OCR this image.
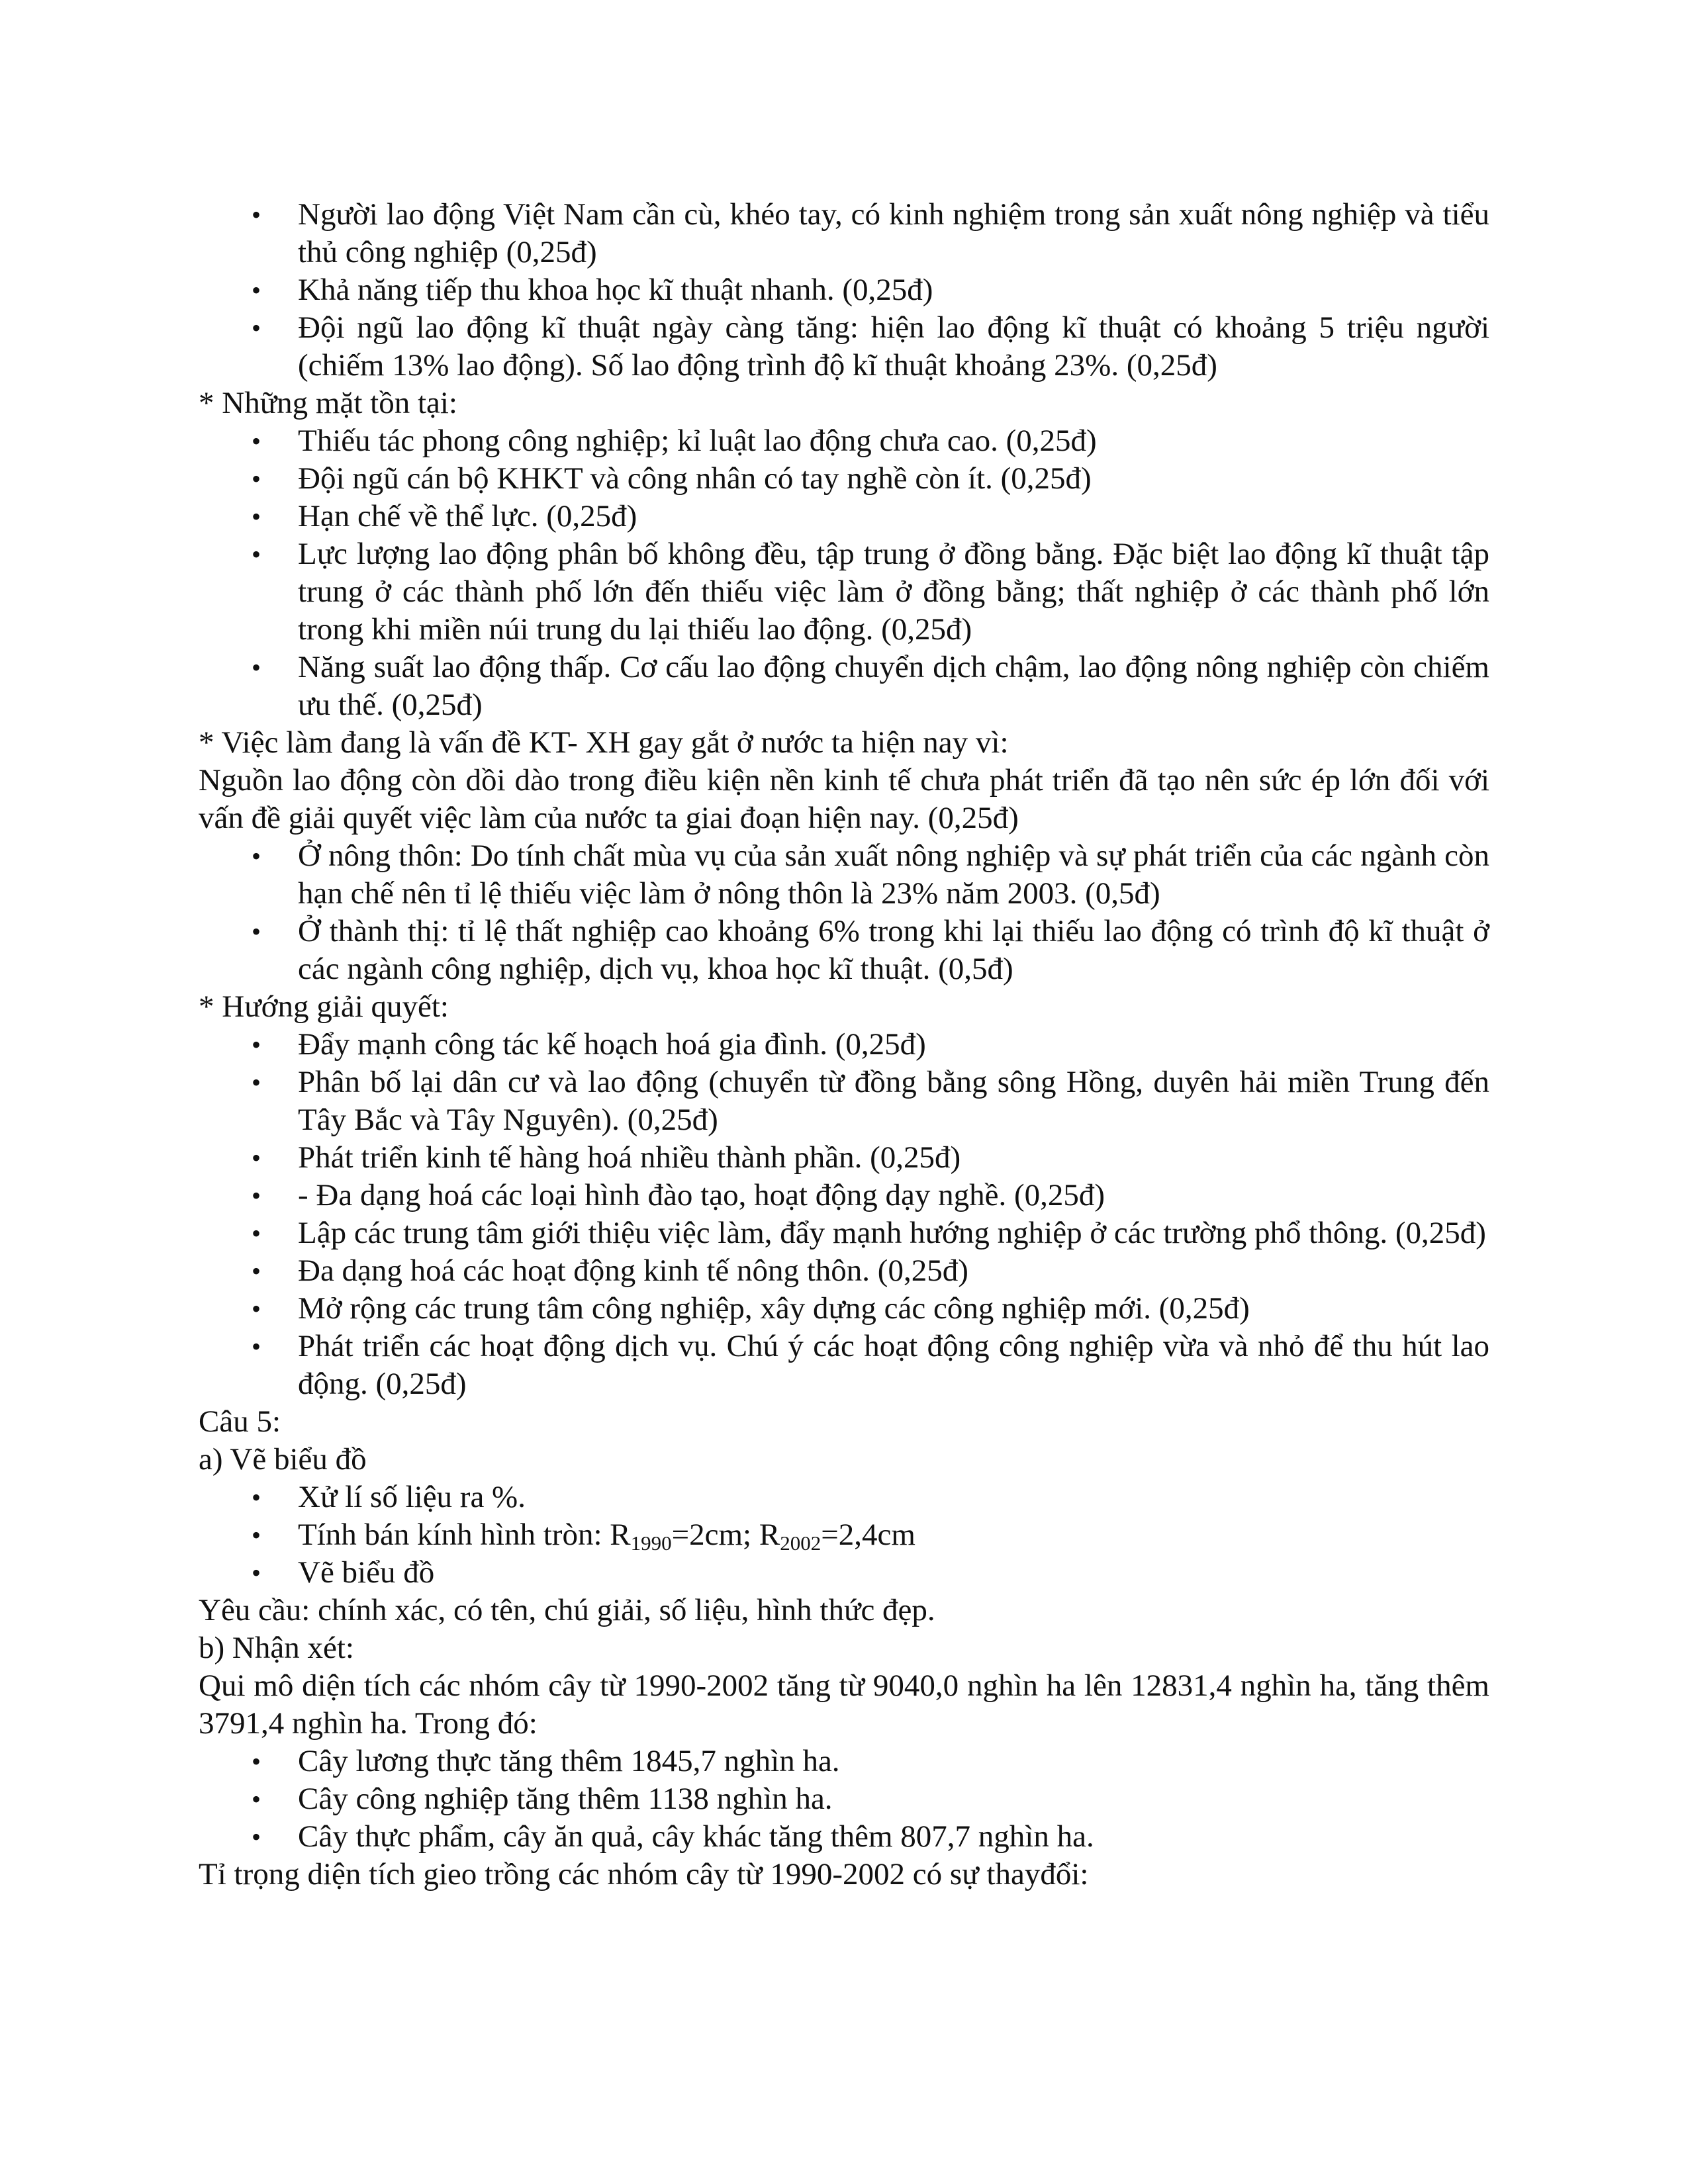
• Người lao động Việt Nam cần cù, khéo tay, có kinh nghiệm trong sản xuất nông nghiệp và tiểu thủ công nghiệp (0,25đ)
• Khả năng tiếp thu khoa học kĩ thuật nhanh. (0,25đ)
• Đội ngũ lao động kĩ thuật ngày càng tăng: hiện lao động kĩ thuật có khoảng 5 triệu người (chiếm 13% lao động). Số lao động trình độ kĩ thuật khoảng 23%. (0,25đ)
* Những mặt tồn tại:
• Thiếu tác phong công nghiệp; kỉ luật lao động chưa cao. (0,25đ)
• Đội ngũ cán bộ KHKT và công nhân có tay nghề còn ít. (0,25đ)
• Hạn chế về thể lực. (0,25đ)
• Lực lượng lao động phân bố không đều, tập trung ở đồng bằng. Đặc biệt lao động kĩ thuật tập trung ở các thành phố lớn đến thiếu việc làm ở đồng bằng; thất nghiệp ở các thành phố lớn trong khi miền núi trung du lại thiếu lao động. (0,25đ)
• Năng suất lao động thấp. Cơ cấu lao động chuyển dịch chậm, lao động nông nghiệp còn chiếm ưu thế. (0,25đ)
* Việc làm đang là vấn đề KT- XH gay gắt ở nước ta hiện nay vì:
Nguồn lao động còn dồi dào trong điều kiện nền kinh tế chưa phát triển đã tạo nên sức ép lớn đối với vấn đề giải quyết việc làm của nước ta giai đoạn hiện nay. (0,25đ)
• Ở nông thôn: Do tính chất mùa vụ của sản xuất nông nghiệp và sự phát triển của các ngành còn hạn chế nên tỉ lệ thiếu việc làm ở nông thôn là 23% năm 2003. (0,5đ)
• Ở thành thị: tỉ lệ thất nghiệp cao khoảng 6% trong khi lại thiếu lao động có trình độ kĩ thuật ở các ngành công nghiệp, dịch vụ, khoa học kĩ thuật. (0,5đ)
* Hướng giải quyết:
• Đẩy mạnh công tác kế hoạch hoá gia đình. (0,25đ)
• Phân bố lại dân cư và lao động (chuyển từ đồng bằng sông Hồng, duyên hải miền Trung đến Tây Bắc và Tây Nguyên). (0,25đ)
• Phát triển kinh tế hàng hoá nhiều thành phần. (0,25đ)
• - Đa dạng hoá các loại hình đào tạo, hoạt động dạy nghề. (0,25đ)
• Lập các trung tâm giới thiệu việc làm, đẩy mạnh hướng nghiệp ở các trường phổ thông. (0,25đ)
• Đa dạng hoá các hoạt động kinh tế nông thôn. (0,25đ)
• Mở rộng các trung tâm công nghiệp, xây dựng các công nghiệp mới. (0,25đ)
• Phát triển các hoạt động dịch vụ. Chú ý các hoạt động công nghiệp vừa và nhỏ để thu hút lao động. (0,25đ)
Câu 5:
a) Vẽ biểu đồ
• Xử lí số liệu ra %.
• Tính bán kính hình tròn: $R_{1990}=2cm$; $R_{2002}=2,4cm$
• Vẽ biểu đồ
Yêu cầu: chính xác, có tên, chú giải, số liệu, hình thức đẹp.
b) Nhận xét:
Qui mô diện tích các nhóm cây từ 1990-2002 tăng từ 9040,0 nghìn ha lên 12831,4 nghìn ha, tăng thêm 3791,4 nghìn ha. Trong đó:
• Cây lương thực tăng thêm 1845,7 nghìn ha.
• Cây công nghiệp tăng thêm 1138 nghìn ha.
• Cây thực phẩm, cây ăn quả, cây khác tăng thêm 807,7 nghìn ha.
Tỉ trọng diện tích gieo trồng các nhóm cây từ 1990-2002 có sự thayđổi:
